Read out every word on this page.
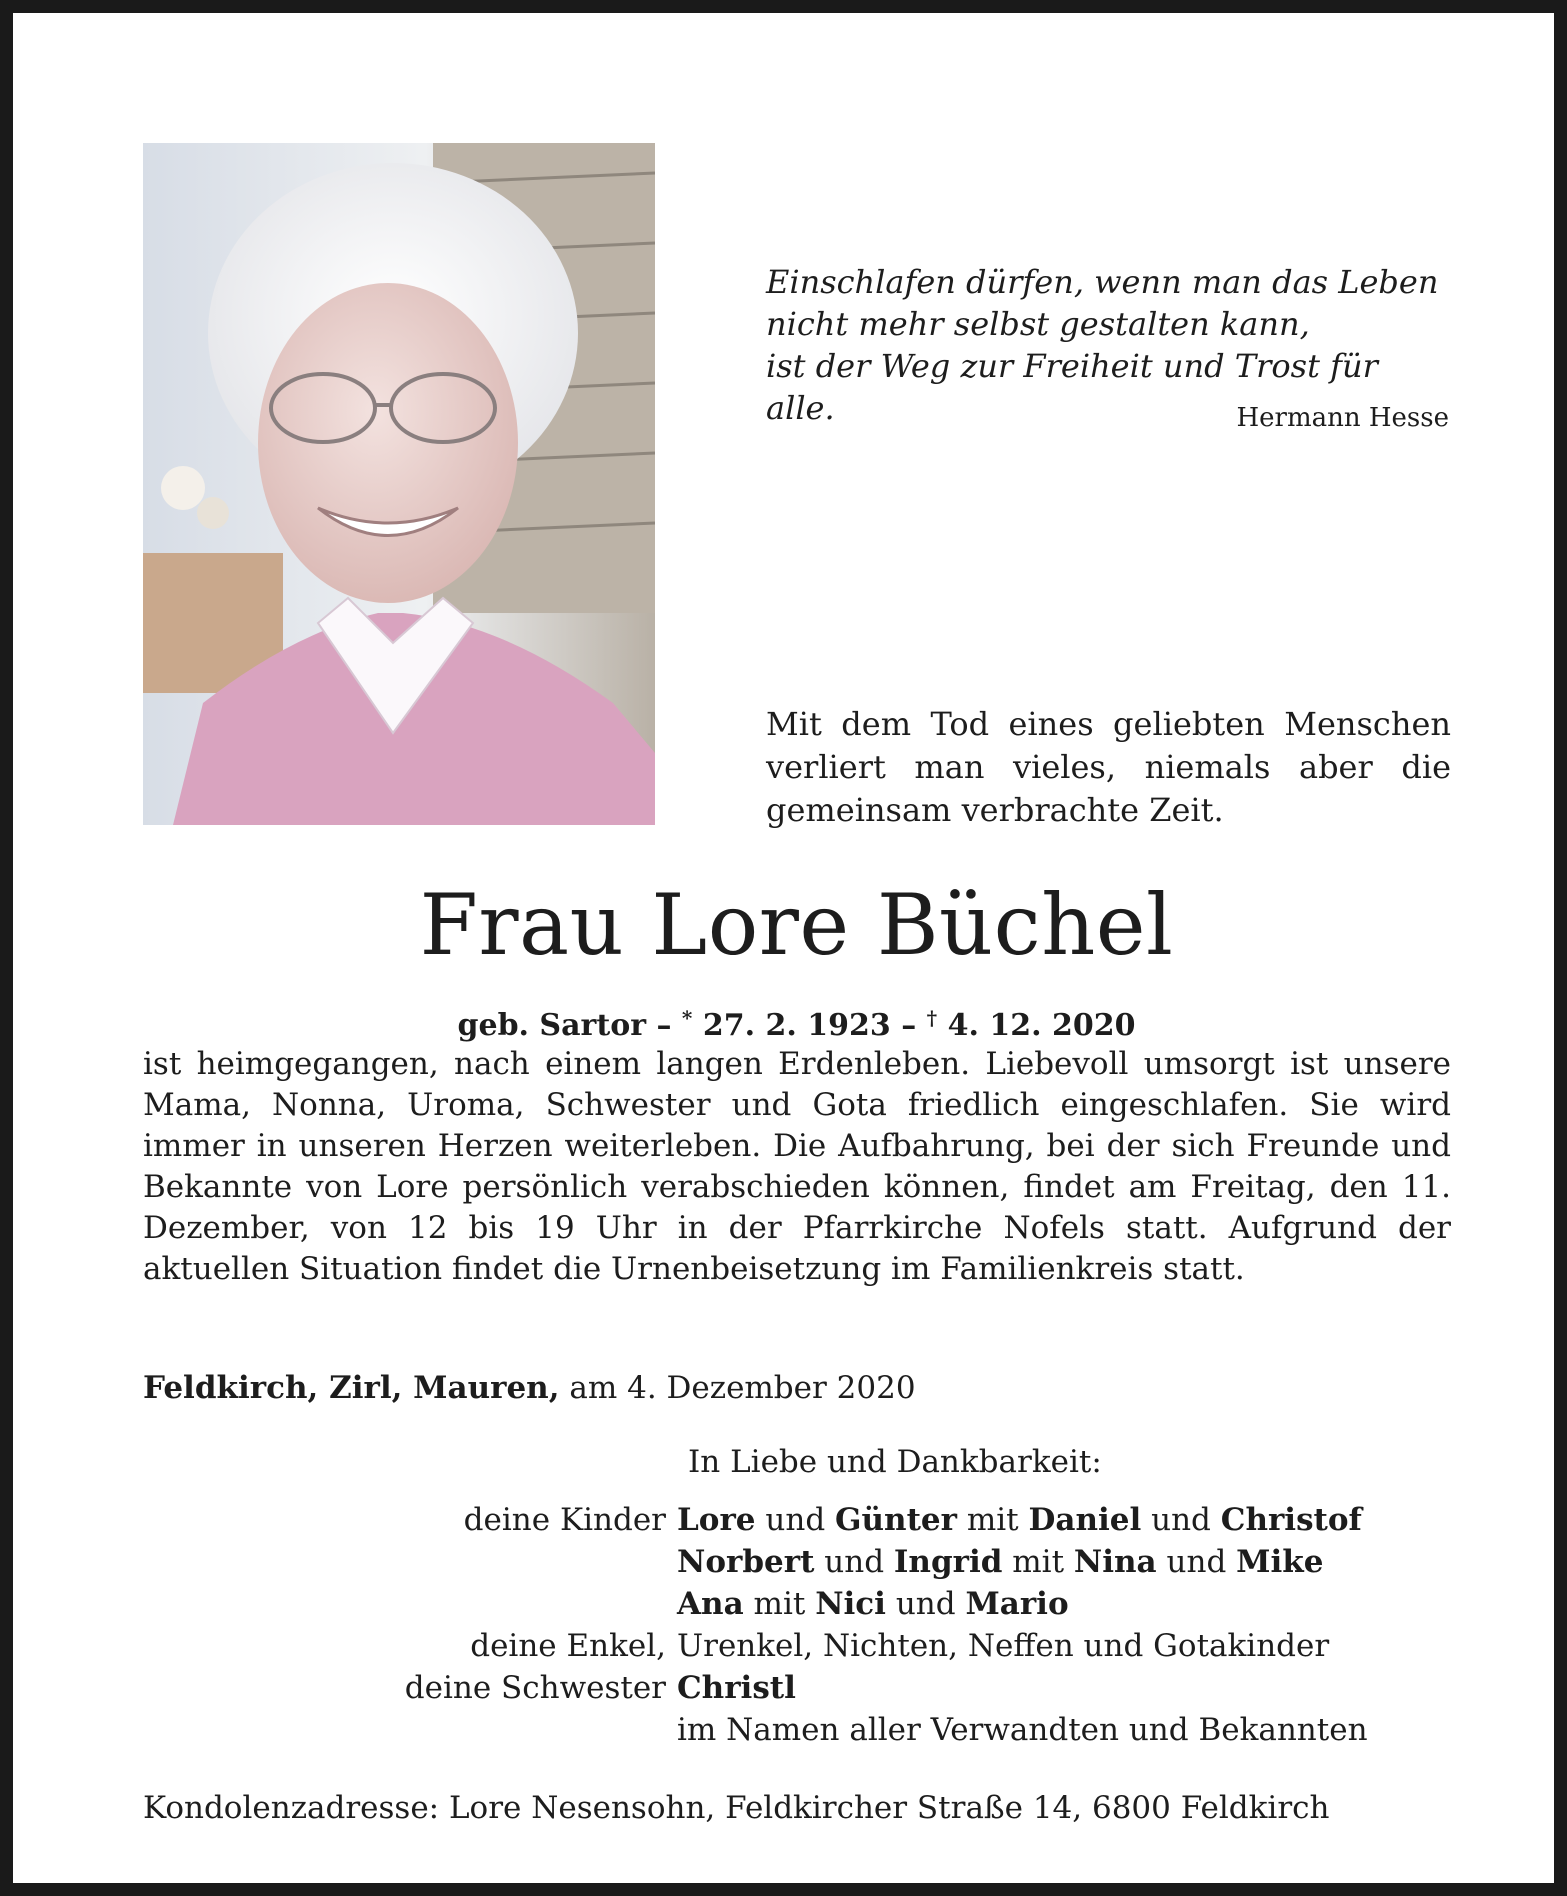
Einschlafen dürfen, wenn man das Leben
nicht mehr selbst gestalten kann,
ist der Weg zur Freiheit und Trost für alle.	Hermann Hesse
Mit dem Tod eines geliebten Menschen verliert man vieles, niemals aber die gemeinsam verbrachte Zeit.
Frau Lore Büchel
geb. Sartor – * 27. 2. 1923 – † 4. 12. 2020
ist heimgegangen, nach einem langen Erdenleben. Liebevoll umsorgt ist unsere Mama, Nonna, Uroma, Schwester und Gota friedlich eingeschlafen. Sie wird immer in unseren Herzen weiterleben. Die Aufbahrung, bei der sich Freunde und Bekannte von Lore persönlich verabschieden können, findet am Freitag, den 11. Dezember, von 12 bis 19 Uhr in der Pfarrkirche Nofels statt. Aufgrund der aktuellen Situation findet die Urnenbeisetzung im Familienkreis statt.
Feldkirch, Zirl, Mauren, am 4. Dezember 2020
In Liebe und Dankbarkeit:
deine Kinder Lore und Günter mit Daniel und Christof
Norbert und Ingrid mit Nina und Mike
Ana mit Nici und Mario
deine Enkel, Urenkel, Nichten, Neffen und Gotakinder
deine Schwester Christl
im Namen aller Verwandten und Bekannten
Kondolenzadresse: Lore Nesensohn, Feldkircher Straße 14, 6800 Feldkirch
